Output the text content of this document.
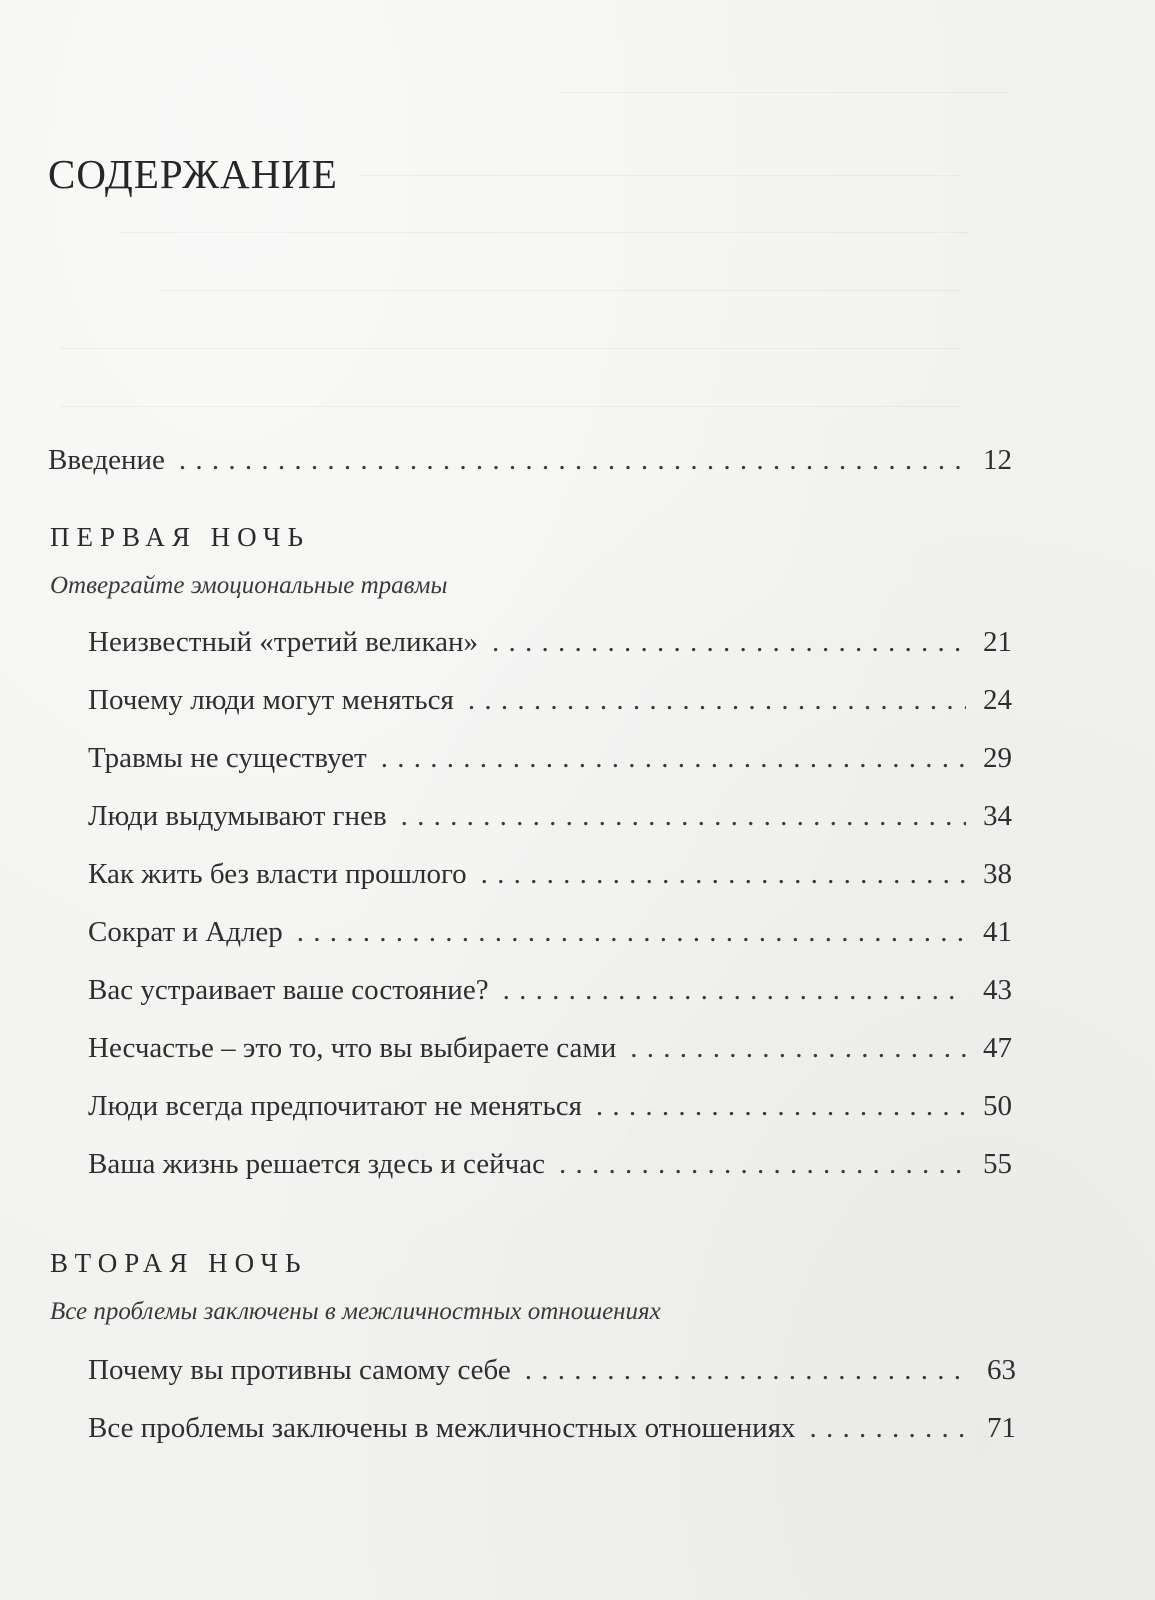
СОДЕРЖАНИЕ
Введение . . .	12
ПЕРВАЯ НОЧЬ

Отвергайте эмоциональные травмы

Неизвестный «третий великан» . . .	21
Почему люди могут меняться . . .	24
Травмы не существует . . .	29
Люди выдумывают гнев . . .	34
Как жить без власти прошлого . . .	38
Сократ и Адлер . . .	41
Вас устраивает ваше состояние? . . .	43
Несчастье – это то, что вы выбираете сами . . .	47
Люди всегда предпочитают не меняться . . .	50
Ваша жизнь решается здесь и сейчас . . .	55
ВТОРАЯ НОЧЬ

Все проблемы заключены в межличностных отношениях

Почему вы противны самому себе . . .	63
Все проблемы заключены в межличностных отношениях . . .	71
